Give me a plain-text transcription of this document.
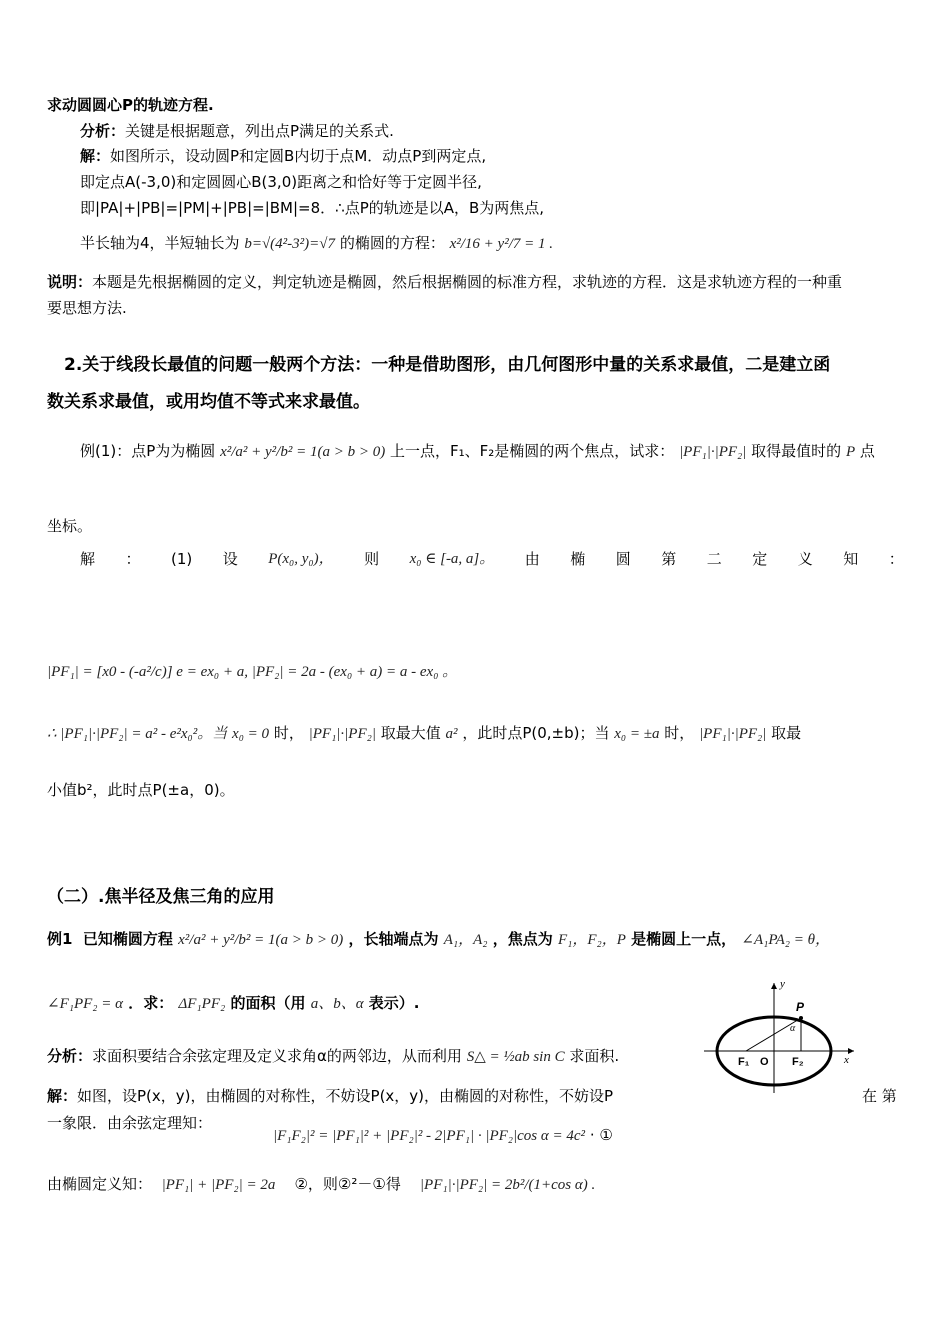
求动圆圆心P的轨迹方程.
分析：关键是根据题意，列出点P满足的关系式.
解：如图所示，设动圆P和定圆B内切于点M．动点P到两定点,
即定点A(-3,0)和定圆圆心B(3,0)距离之和恰好等于定圆半径,
即|PA|+|PB|=|PM|+|PB|=|BM|=8．∴点P的轨迹是以A，B为两焦点,
半长轴为4，半短轴长为 b=√(4²-3²)=√7 的椭圆的方程： x²/16 + y²/7 = 1 .
说明：本题是先根据椭圆的定义，判定轨迹是椭圆，然后根据椭圆的标准方程，求轨迹的方程．这是求轨迹方程的一种重
要思想方法.
2.关于线段长最值的问题一般两个方法：一种是借助图形，由几何图形中量的关系求最值，二是建立函
数关系求最值，或用均值不等式来求最值。
例(1)：点P为为椭圆 x²/a² + y²/b² = 1(a > b > 0) 上一点，F₁、F₂是椭圆的两个焦点，试求： |PF₁|·|PF₂| 取得最值时的 P 点
坐标。
解 ： (1) 设 P(x₀, y₀)， 则 x₀ ∈ [-a, a]。 由 椭 圆 第 二 定 义 知 ：
|PF₁| = [x0 - (-a²/c)] e = ex₀ + a, |PF₂| = 2a - (ex₀ + a) = a - ex₀ 。
∴ |PF₁|·|PF₂| = a² - e²x₀²。当 x₀ = 0 时， |PF₁|·|PF₂| 取最大值 a² ，此时点P(0,±b)；当 x₀ = ±a 时， |PF₁|·|PF₂| 取最
小值b²，此时点P(±a，0)。
（二）.焦半径及焦三角的应用
例1 已知椭圆方程 x²/a² + y²/b² = 1(a > b > 0) ，长轴端点为 A₁，A₂ ，焦点为 F₁，F₂，P 是椭圆上一点， ∠A₁PA₂ = θ，
∠F₁PF₂ = α ．求： ΔF₁PF₂ 的面积（用 a、b、α 表示）.
分析：求面积要结合余弦定理及定义求角α的两邻边，从而利用 S△ = ½ab sin C 求面积.
解：如图，设P(x，y)，由椭圆的对称性，不妨设P(x，y)，由椭圆的对称性，不妨设P	在 第
一象限．由余弦定理知：
|F₁F₂|² = |PF₁|² + |PF₂|² - 2|PF₁| · |PF₂|cos α = 4c² · ①
由椭圆定义知： |PF₁| + |PF₂| = 2a ②，则②²－①得 |PF₁|·|PF₂| = 2b²/(1+cos α) .
y
x
P
α
F₁ O F₂
